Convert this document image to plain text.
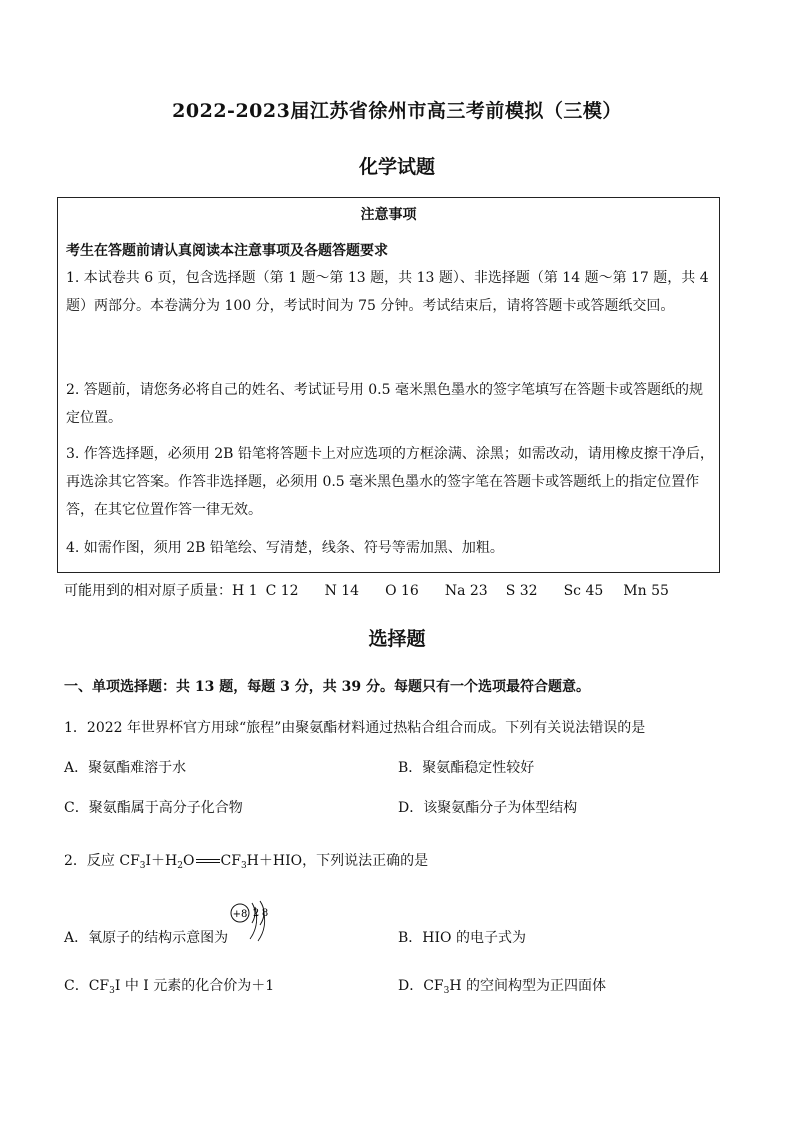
2022-2023届江苏省徐州市高三考前模拟（三模）
化学试题
注意事项
考生在答题前请认真阅读本注意事项及各题答题要求
1. 本试卷共 6 页，包含选择题（第 1 题～第 13 题，共 13 题）、非选择题（第 14 题～第 17 题，共 4 题）两部分。本卷满分为 100 分，考试时间为 75 分钟。考试结束后，请将答题卡或答题纸交回。
2. 答题前，请您务必将自己的姓名、考试证号用 0.5 毫米黑色墨水的签字笔填写在答题卡或答题纸的规定位置。
3. 作答选择题，必须用 2B 铅笔将答题卡上对应选项的方框涂满、涂黑；如需改动，请用橡皮擦干净后，再选涂其它答案。作答非选择题，必须用 0.5 毫米黑色墨水的签字笔在答题卡或答题纸上的指定位置作答，在其它位置作答一律无效。
4. 如需作图，须用 2B 铅笔绘、写清楚，线条、符号等需加黑、加粗。
可能用到的相对原子质量：H 1 C 12 N 14 O 16 Na 23 S 32 Sc 45 Mn 55
选择题
一、单项选择题：共 13 题，每题 3 分，共 39 分。每题只有一个选项最符合题意。
1．2022 年世界杯官方用球“旅程”由聚氨酯材料通过热粘合组合而成。下列有关说法错误的是
A．聚氨酯难溶于水	B．聚氨酯稳定性较好
C．聚氨酯属于高分子化合物	D．该聚氨酯分子为体型结构
2．反应 $CF_3I+H_2O$ $CF_3H+HIO$，下列说法正确的是
A．氧原子的结构示意图为
+8 2 8
B．HIO 的电子式为
C．$CF_3I$ 中 I 元素的化合价为＋1	D．$CF_3H$ 的空间构型为正四面体
